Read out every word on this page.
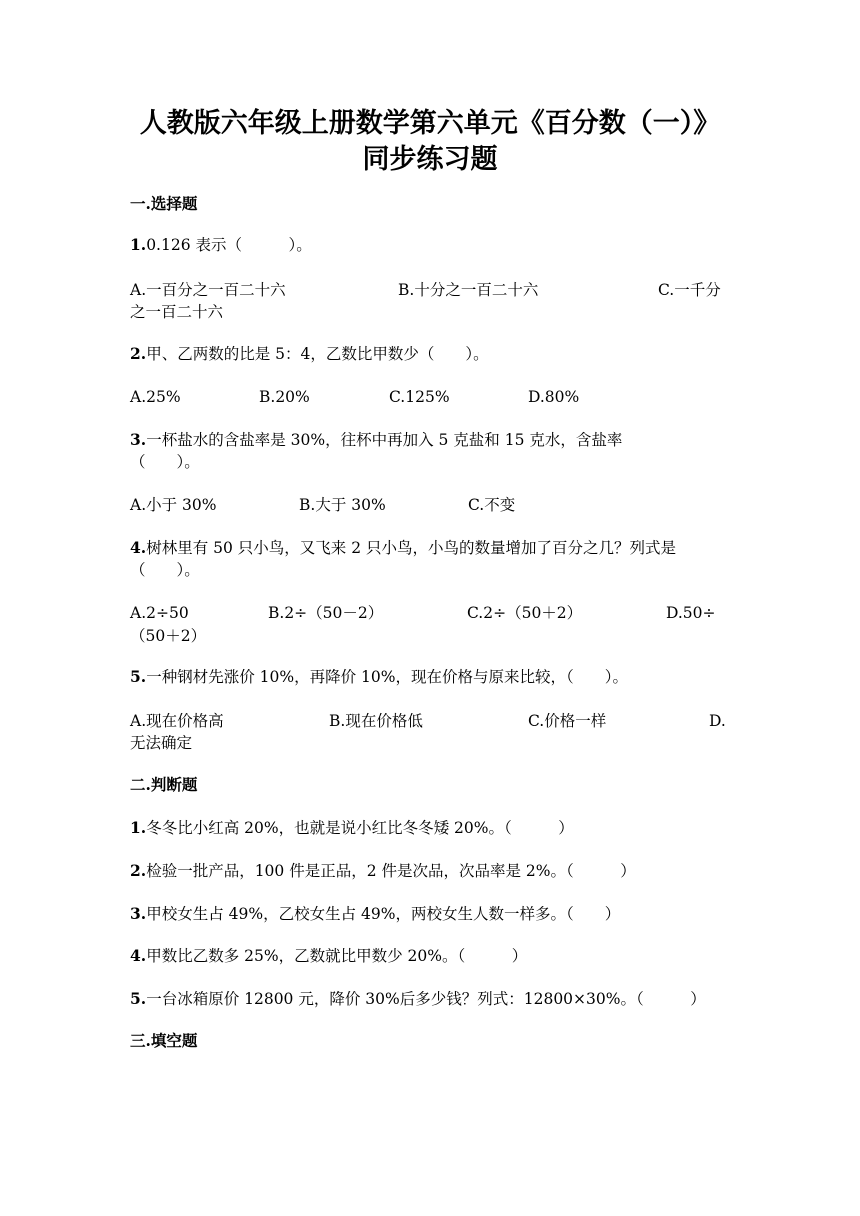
人教版六年级上册数学第六单元《百分数（一）》
同步练习题
一.选择题
1.0.126 表示（　　　）。
A.一百分之一百二十六	B.十分之一百二十六	C.一千分
之一百二十六
2.甲、乙两数的比是 5：4，乙数比甲数少（　　）。
A.25%	B.20%	C.125%	D.80%
3.一杯盐水的含盐率是 30%，往杯中再加入 5 克盐和 15 克水，含盐率
（　　）。
A.小于 30%	B.大于 30%	C.不变
4.树林里有 50 只小鸟，又飞来 2 只小鸟，小鸟的数量增加了百分之几？列式是
（　　）。
A.2÷50	B.2÷（50－2）	C.2÷（50＋2）	D.50÷
（50＋2）
5.一种钢材先涨价 10%，再降价 10%，现在价格与原来比较，（　　）。
A.现在价格高	B.现在价格低	C.价格一样	D.
无法确定
二.判断题
1.冬冬比小红高 20%，也就是说小红比冬冬矮 20%。（　　　）
2.检验一批产品，100 件是正品，2 件是次品，次品率是 2%。（　　　）
3.甲校女生占 49%，乙校女生占 49%，两校女生人数一样多。（　　）
4.甲数比乙数多 25%，乙数就比甲数少 20%。（　　　）
5.一台冰箱原价 12800 元，降价 30%后多少钱？列式：12800×30%。（　　　）
三.填空题
